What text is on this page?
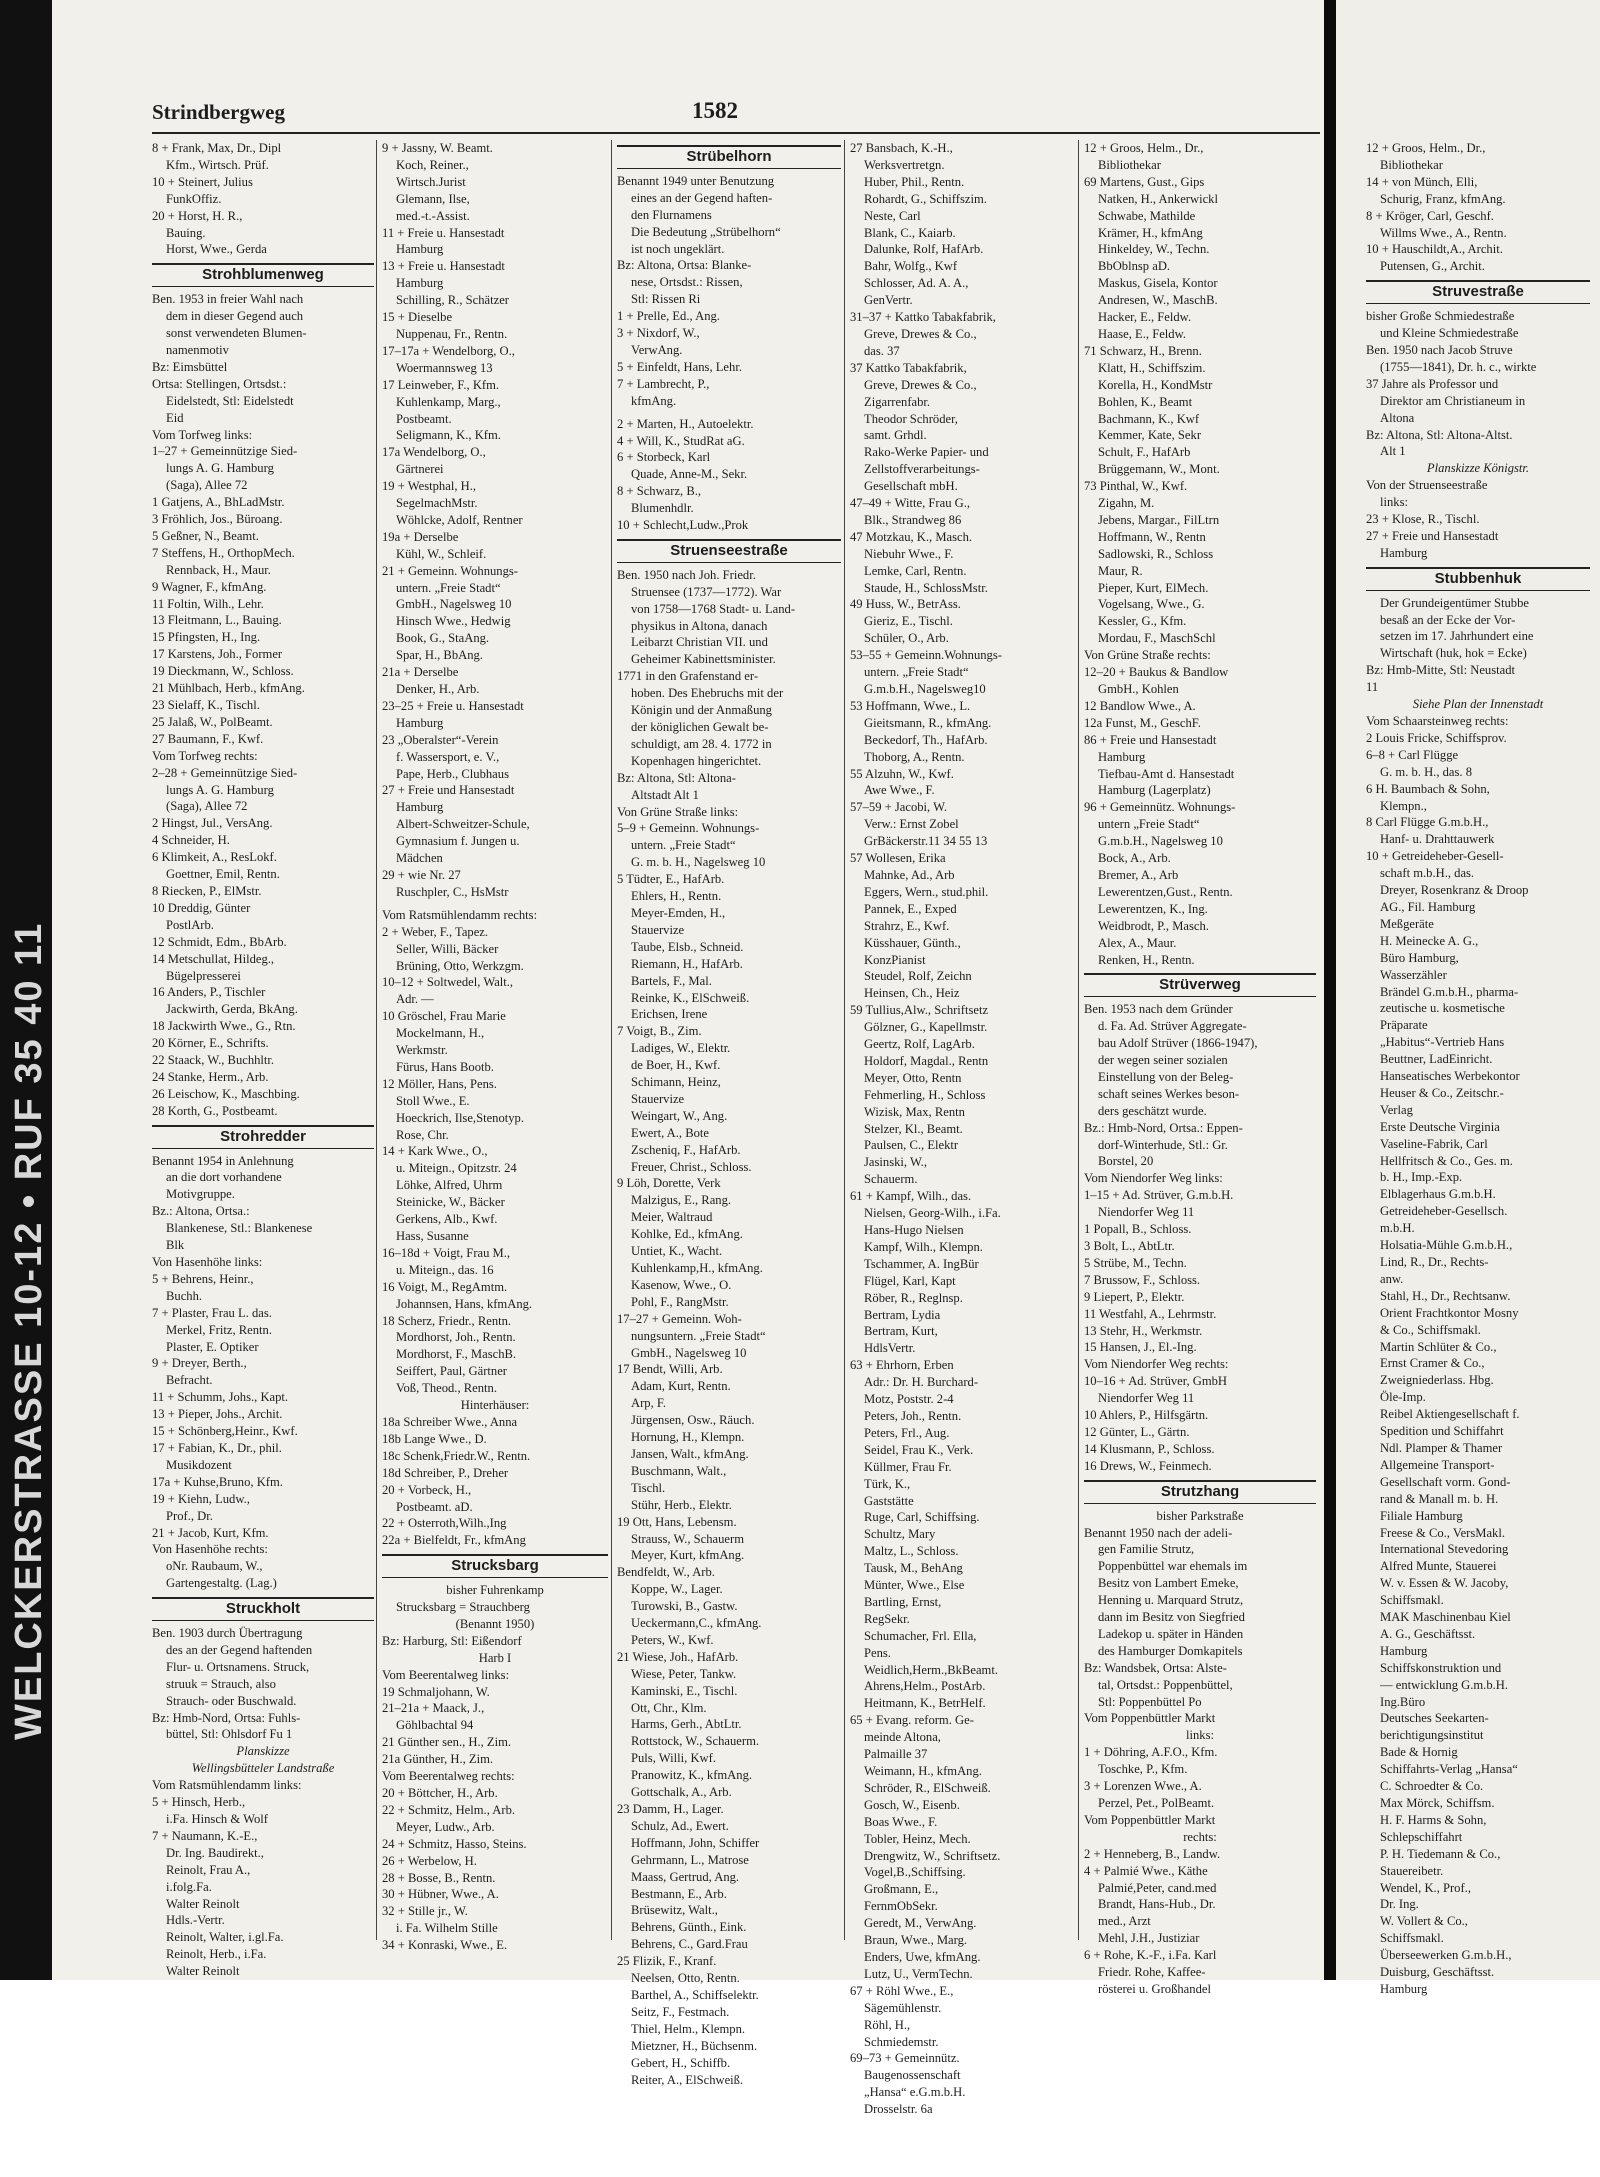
WELCKERSTRASSE 10-12 • RUF 35 40 11
Strindbergweg	1582
8 + Frank, Max, Dr., Dipl
Kfm., Wirtsch. Prüf.
10 + Steinert, Julius
FunkOffiz.
20 + Horst, H. R.,
Bauing.
Horst, Wwe., Gerda
Strohblumenweg
Ben. 1953 in freier Wahl nach
dem in dieser Gegend auch
sonst verwendeten Blumen-
namenmotiv
Bz: Eimsbüttel
Ortsa: Stellingen, Ortsdst.:
Eidelstedt, Stl: Eidelstedt
Eid
Vom Torfweg links:
1–27 + Gemeinnützige Sied-
lungs A. G. Hamburg
(Saga), Allee 72
1 Gatjens, A., BhLadMstr.
3 Fröhlich, Jos., Büroang.
5 Geßner, N., Beamt.
7 Steffens, H., OrthopMech.
Rennback, H., Maur.
9 Wagner, F., kfmAng.
11 Foltin, Wilh., Lehr.
13 Fleitmann, L., Bauing.
15 Pfingsten, H., Ing.
17 Karstens, Joh., Former
19 Dieckmann, W., Schloss.
21 Mühlbach, Herb., kfmAng.
23 Sielaff, K., Tischl.
25 Jalaß, W., PolBeamt.
27 Baumann, F., Kwf.
Vom Torfweg rechts:
2–28 + Gemeinnützige Sied-
lungs A. G. Hamburg
(Saga), Allee 72
2 Hingst, Jul., VersAng.
4 Schneider, H.
6 Klimkeit, A., ResLokf.
Goettner, Emil, Rentn.
8 Riecken, P., ElMstr.
10 Dreddig, Günter
PostlArb.
12 Schmidt, Edm., BbArb.
14 Metschullat, Hildeg.,
Bügelpresserei
16 Anders, P., Tischler
Jackwirth, Gerda, BkAng.
18 Jackwirth Wwe., G., Rtn.
20 Körner, E., Schrifts.
22 Staack, W., Buchhltr.
24 Stanke, Herm., Arb.
26 Leischow, K., Maschbing.
28 Korth, G., Postbeamt.
Strohredder
Benannt 1954 in Anlehnung
an die dort vorhandene
Motivgruppe.
Bz.: Altona, Ortsa.:
Blankenese, Stl.: Blankenese
Blk
Von Hasenhöhe links:
5 + Behrens, Heinr.,
Buchh.
7 + Plaster, Frau L. das.
Merkel, Fritz, Rentn.
Plaster, E. Optiker
9 + Dreyer, Berth.,
Befracht.
11 + Schumm, Johs., Kapt.
13 + Pieper, Johs., Archit.
15 + Schönberg,Heinr., Kwf.
17 + Fabian, K., Dr., phil.
Musikdozent
17a + Kuhse,Bruno, Kfm.
19 + Kiehn, Ludw.,
Prof., Dr.
21 + Jacob, Kurt, Kfm.
Von Hasenhöhe rechts:
oNr. Raubaum, W.,
Gartengestaltg. (Lag.)
Struckholt
Ben. 1903 durch Übertragung
des an der Gegend haftenden
Flur- u. Ortsnamens. Struck,
struuk = Strauch, also
Strauch- oder Buschwald.
Bz: Hmb-Nord, Ortsa: Fuhls-
büttel, Stl: Ohlsdorf Fu 1
Planskizze
Wellingsbütteler Landstraße
Vom Ratsmühlendamm links:
5 + Hinsch, Herb.,
i.Fa. Hinsch & Wolf
7 + Naumann, K.-E.,
Dr. Ing. Baudirekt.,
Reinolt, Frau A.,
i.folg.Fa.
Walter Reinolt
Hdls.-Vertr.
Reinolt, Walter, i.gl.Fa.
Reinolt, Herb., i.Fa.
Walter Reinolt
9 + Jassny, W. Beamt.
Koch, Reiner.,
Wirtsch.Jurist
Glemann, Ilse,
med.-t.-Assist.
11 + Freie u. Hansestadt
Hamburg
13 + Freie u. Hansestadt
Hamburg
Schilling, R., Schätzer
15 + Dieselbe
Nuppenau, Fr., Rentn.
17–17a + Wendelborg, O.,
Woermannsweg 13
17 Leinweber, F., Kfm.
Kuhlenkamp, Marg.,
Postbeamt.
Seligmann, K., Kfm.
17a Wendelborg, O.,
Gärtnerei
19 + Westphal, H.,
SegelmachMstr.
Wöhlcke, Adolf, Rentner
19a + Derselbe
Kühl, W., Schleif.
21 + Gemeinn. Wohnungs-
untern. „Freie Stadt“
GmbH., Nagelsweg 10
Hinsch Wwe., Hedwig
Book, G., StaAng.
Spar, H., BbAng.
21a + Derselbe
Denker, H., Arb.
23–25 + Freie u. Hansestadt
Hamburg
23 „Oberalster“-Verein
f. Wassersport, e. V.,
Pape, Herb., Clubhaus
27 + Freie und Hansestadt
Hamburg
Albert-Schweitzer-Schule,
Gymnasium f. Jungen u.
Mädchen
29 + wie Nr. 27
Ruschpler, C., HsMstr
Vom Ratsmühlendamm rechts:
2 + Weber, F., Tapez.
Seller, Willi, Bäcker
Brüning, Otto, Werkzgm.
10–12 + Soltwedel, Walt.,
Adr. —
10 Gröschel, Frau Marie
Mockelmann, H.,
Werkmstr.
Fürus, Hans Bootb.
12 Möller, Hans, Pens.
Stoll Wwe., E.
Hoeckrich, Ilse,Stenotyp.
Rose, Chr.
14 + Kark Wwe., O.,
u. Miteign., Opitzstr. 24
Löhke, Alfred, Uhrm
Steinicke, W., Bäcker
Gerkens, Alb., Kwf.
Hass, Susanne
16–18d + Voigt, Frau M.,
u. Miteign., das. 16
16 Voigt, M., RegAmtm.
Johannsen, Hans, kfmAng.
18 Scherz, Friedr., Rentn.
Mordhorst, Joh., Rentn.
Mordhorst, F., MaschB.
Seiffert, Paul, Gärtner
Voß, Theod., Rentn.
Hinterhäuser:
18a Schreiber Wwe., Anna
18b Lange Wwe., D.
18c Schenk,Friedr.W., Rentn.
18d Schreiber, P., Dreher
20 + Vorbeck, H.,
Postbeamt. aD.
22 + Osterroth,Wilh.,Ing
22a + Bielfeldt, Fr., kfmAng
Strucksbarg
bisher Fuhrenkamp
Strucksbarg = Strauchberg
(Benannt 1950)
Bz: Harburg, Stl: Eißendorf
Harb I
Vom Beerentalweg links:
19 Schmaljohann, W.
21–21a + Maack, J.,
Göhlbachtal 94
21 Günther sen., H., Zim.
21a Günther, H., Zim.
Vom Beerentalweg rechts:
20 + Böttcher, H., Arb.
22 + Schmitz, Helm., Arb.
Meyer, Ludw., Arb.
24 + Schmitz, Hasso, Steins.
26 + Werbelow, H.
28 + Bosse, B., Rentn.
30 + Hübner, Wwe., A.
32 + Stille jr., W.
i. Fa. Wilhelm Stille
34 + Konraski, Wwe., E.
Strübelhorn
Benannt 1949 unter Benutzung
eines an der Gegend haften-
den Flurnamens
Die Bedeutung „Strübelhorn“
ist noch ungeklärt.
Bz: Altona, Ortsa: Blanke-
nese, Ortsdst.: Rissen,
Stl: Rissen Ri
1 + Prelle, Ed., Ang.
3 + Nixdorf, W.,
VerwAng.
5 + Einfeldt, Hans, Lehr.
7 + Lambrecht, P.,
kfmAng.
2 + Marten, H., Autoelektr.
4 + Will, K., StudRat aG.
6 + Storbeck, Karl
Quade, Anne-M., Sekr.
8 + Schwarz, B.,
Blumenhdlr.
10 + Schlecht,Ludw.,Prok
Struenseestraße
Ben. 1950 nach Joh. Friedr.
Struensee (1737—1772). War
von 1758—1768 Stadt- u. Land-
physikus in Altona, danach
Leibarzt Christian VII. und
Geheimer Kabinettsminister.
1771 in den Grafenstand er-
hoben. Des Ehebruchs mit der
Königin und der Anmaßung
der königlichen Gewalt be-
schuldigt, am 28. 4. 1772 in
Kopenhagen hingerichtet.
Bz: Altona, Stl: Altona-
Altstadt Alt 1
Von Grüne Straße links:
5–9 + Gemeinn. Wohnungs-
untern. „Freie Stadt“
G. m. b. H., Nagelsweg 10
5 Tüdter, E., HafArb.
Ehlers, H., Rentn.
Meyer-Emden, H.,
Stauervize
Taube, Elsb., Schneid.
Riemann, H., HafArb.
Bartels, F., Mal.
Reinke, K., ElSchweiß.
Erichsen, Irene
7 Voigt, B., Zim.
Ladiges, W., Elektr.
de Boer, H., Kwf.
Schimann, Heinz,
Stauervize
Weingart, W., Ang.
Ewert, A., Bote
Zscheniq, F., HafArb.
Freuer, Christ., Schloss.
9 Löh, Dorette, Verk
Malzigus, E., Rang.
Meier, Waltraud
Kohlke, Ed., kfmAng.
Untiet, K., Wacht.
Kuhlenkamp,H., kfmAng.
Kasenow, Wwe., O.
Pohl, F., RangMstr.
17–27 + Gemeinn. Woh-
nungsuntern. „Freie Stadt“
GmbH., Nagelsweg 10
17 Bendt, Willi, Arb.
Adam, Kurt, Rentn.
Arp, F.
Jürgensen, Osw., Räuch.
Hornung, H., Klempn.
Jansen, Walt., kfmAng.
Buschmann, Walt.,
Tischl.
Stühr, Herb., Elektr.
19 Ott, Hans, Lebensm.
Strauss, W., Schauerm
Meyer, Kurt, kfmAng.
Bendfeldt, W., Arb.
Koppe, W., Lager.
Turowski, B., Gastw.
Ueckermann,C., kfmAng.
Peters, W., Kwf.
21 Wiese, Joh., HafArb.
Wiese, Peter, Tankw.
Kaminski, E., Tischl.
Ott, Chr., Klm.
Harms, Gerh., AbtLtr.
Rottstock, W., Schauerm.
Puls, Willi, Kwf.
Pranowitz, K., kfmAng.
Gottschalk, A., Arb.
23 Damm, H., Lager.
Schulz, Ad., Ewert.
Hoffmann, John, Schiffer
Gehrmann, L., Matrose
Maass, Gertrud, Ang.
Bestmann, E., Arb.
Brüsewitz, Walt.,
Behrens, Günth., Eink.
Behrens, C., Gard.Frau
25 Flizik, F., Kranf.
Neelsen, Otto, Rentn.
Barthel, A., Schiffselektr.
Seitz, F., Festmach.
Thiel, Helm., Klempn.
Mietzner, H., Büchsenm.
Gebert, H., Schiffb.
Reiter, A., ElSchweiß.
27 Bansbach, K.-H.,
Werksvertretgn.
Huber, Phil., Rentn.
Rohardt, G., Schiffszim.
Neste, Carl
Blank, C., Kaiarb.
Dalunke, Rolf, HafArb.
Bahr, Wolfg., Kwf
Schlosser, Ad. A. A.,
GenVertr.
31–37 + Kattko Tabakfabrik,
Greve, Drewes & Co.,
das. 37
37 Kattko Tabakfabrik,
Greve, Drewes & Co.,
Zigarrenfabr.
Theodor Schröder,
samt. Grhdl.
Rako-Werke Papier- und
Zellstoffverarbeitungs-
Gesellschaft mbH.
47–49 + Witte, Frau G.,
Blk., Strandweg 86
47 Motzkau, K., Masch.
Niebuhr Wwe., F.
Lemke, Carl, Rentn.
Staude, H., SchlossMstr.
49 Huss, W., BetrAss.
Gieriz, E., Tischl.
Schüler, O., Arb.
53–55 + Gemeinn.Wohnungs-
untern. „Freie Stadt“
G.m.b.H., Nagelsweg10
53 Hoffmann, Wwe., L.
Gieitsmann, R., kfmAng.
Beckedorf, Th., HafArb.
Thoborg, A., Rentn.
55 Alzuhn, W., Kwf.
Awe Wwe., F.
57–59 + Jacobi, W.
Verw.: Ernst Zobel
GrBäckerstr.11 34 55 13
57 Wollesen, Erika
Mahnke, Ad., Arb
Eggers, Wern., stud.phil.
Pannek, E., Exped
Strahrz, E., Kwf.
Küsshauer, Günth.,
KonzPianist
Steudel, Rolf, Zeichn
Heinsen, Ch., Heiz
59 Tullius,Alw., Schriftsetz
Gölzner, G., Kapellmstr.
Geertz, Rolf, LagArb.
Holdorf, Magdal., Rentn
Meyer, Otto, Rentn
Fehmerling, H., Schloss
Wizisk, Max, Rentn
Stelzer, Kl., Beamt.
Paulsen, C., Elektr
Jasinski, W.,
Schauerm.
61 + Kampf, Wilh., das.
Nielsen, Georg-Wilh., i.Fa.
Hans-Hugo Nielsen
Kampf, Wilh., Klempn.
Tschammer, A. IngBür
Flügel, Karl, Kapt
Röber, R., Reglnsp.
Bertram, Lydia
Bertram, Kurt,
HdlsVertr.
63 + Ehrhorn, Erben
Adr.: Dr. H. Burchard-
Motz, Poststr. 2-4
Peters, Joh., Rentn.
Peters, Frl., Aug.
Seidel, Frau K., Verk.
Küllmer, Frau Fr.
Türk, K.,
Gaststätte
Ruge, Carl, Schiffsing.
Schultz, Mary
Maltz, L., Schloss.
Tausk, M., BehAng
Münter, Wwe., Else
Bartling, Ernst,
RegSekr.
Schumacher, Frl. Ella,
Pens.
Weidlich,Herm.,BkBeamt.
Ahrens,Helm., PostArb.
Heitmann, K., BetrHelf.
65 + Evang. reform. Ge-
meinde Altona,
Palmaille 37
Weimann, H., kfmAng.
Schröder, R., ElSchweiß.
Gosch, W., Eisenb.
Boas Wwe., F.
Tobler, Heinz, Mech.
Drengwitz, W., Schriftsetz.
Vogel,B.,Schiffsing.
Großmann, E.,
FernmObSekr.
Geredt, M., VerwAng.
Braun, Wwe., Marg.
Enders, Uwe, kfmAng.
Lutz, U., VermTechn.
67 + Röhl Wwe., E.,
Sägemühlenstr.
Röhl, H.,
Schmiedemstr.
69–73 + Gemeinnütz.
Baugenossenschaft
„Hansa“ e.G.m.b.H.
Drosselstr. 6a
12 + Groos, Helm., Dr.,
Bibliothekar
69 Martens, Gust., Gips
Natken, H., Ankerwickl
Schwabe, Mathilde
Krämer, H., kfmAng
Hinkeldey, W., Techn.
BbOblnsp aD.
Maskus, Gisela, Kontor
Andresen, W., MaschB.
Hacker, E., Feldw.
Haase, E., Feldw.
71 Schwarz, H., Brenn.
Klatt, H., Schiffszim.
Korella, H., KondMstr
Bohlen, K., Beamt
Bachmann, K., Kwf
Kemmer, Kate, Sekr
Schult, F., HafArb
Brüggemann, W., Mont.
73 Pinthal, W., Kwf.
Zigahn, M.
Jebens, Margar., FilLtrn
Hoffmann, W., Rentn
Sadlowski, R., Schloss
Maur, R.
Pieper, Kurt, ElMech.
Vogelsang, Wwe., G.
Kessler, G., Kfm.
Mordau, F., MaschSchl
Von Grüne Straße rechts:
12–20 + Baukus & Bandlow
GmbH., Kohlen
12 Bandlow Wwe., A.
12a Funst, M., GeschF.
86 + Freie und Hansestadt
Hamburg
Tiefbau-Amt d. Hansestadt
Hamburg (Lagerplatz)
96 + Gemeinnütz. Wohnungs-
untern „Freie Stadt“
G.m.b.H., Nagelsweg 10
Bock, A., Arb.
Bremer, A., Arb
Lewerentzen,Gust., Rentn.
Lewerentzen, K., Ing.
Weidbrodt, P., Masch.
Alex, A., Maur.
Renken, H., Rentn.
Strüverweg
Ben. 1953 nach dem Gründer
d. Fa. Ad. Strüver Aggregate-
bau Adolf Strüver (1866-1947),
der wegen seiner sozialen
Einstellung von der Beleg-
schaft seines Werkes beson-
ders geschätzt wurde.
Bz.: Hmb-Nord, Ortsa.: Eppen-
dorf-Winterhude, Stl.: Gr.
Borstel, 20
Vom Niendorfer Weg links:
1–15 + Ad. Strüver, G.m.b.H.
Niendorfer Weg 11
1 Popall, B., Schloss.
3 Bolt, L., AbtLtr.
5 Strübe, M., Techn.
7 Brussow, F., Schloss.
9 Liepert, P., Elektr.
11 Westfahl, A., Lehrmstr.
13 Stehr, H., Werkmstr.
15 Hansen, J., El.-Ing.
Vom Niendorfer Weg rechts:
10–16 + Ad. Strüver, GmbH
Niendorfer Weg 11
10 Ahlers, P., Hilfsgärtn.
12 Günter, L., Gärtn.
14 Klusmann, P., Schloss.
16 Drews, W., Feinmech.
Strutzhang
bisher Parkstraße
Benannt 1950 nach der adeli-
gen Familie Strutz,
Poppenbüttel war ehemals im
Besitz von Lambert Emeke,
Henning u. Marquard Strutz,
dann im Besitz von Siegfried
Ladekop u. später in Händen
des Hamburger Domkapitels
Bz: Wandsbek, Ortsa: Alste-
tal, Ortsdst.: Poppenbüttel,
Stl: Poppenbüttel Po
Vom Poppenbüttler Markt
links:
1 + Döhring, A.F.O., Kfm.
Toschke, P., Kfm.
3 + Lorenzen Wwe., A.
Perzel, Pet., PolBeamt.
Vom Poppenbüttler Markt
rechts:
2 + Henneberg, B., Landw.
4 + Palmié Wwe., Käthe
Palmié,Peter, cand.med
Brandt, Hans-Hub., Dr.
med., Arzt
Mehl, J.H., Justiziar
6 + Rohe, K.-F., i.Fa. Karl
Friedr. Rohe, Kaffee-
rösterei u. Großhandel
12 + Groos, Helm., Dr.,
Bibliothekar
14 + von Münch, Elli,
Schurig, Franz, kfmAng.
8 + Kröger, Carl, Geschf.
Willms Wwe., A., Rentn.
10 + Hauschildt,A., Archit.
Putensen, G., Archit.
Struvestraße
bisher Große Schmiedestraße
und Kleine Schmiedestraße
Ben. 1950 nach Jacob Struve
(1755—1841), Dr. h. c., wirkte
37 Jahre als Professor und
Direktor am Christianeum in
Altona
Bz: Altona, Stl: Altona-Altst.
Alt 1
Planskizze Königstr.
Von der Struenseestraße
links:
23 + Klose, R., Tischl.
27 + Freie und Hansestadt
Hamburg
Stubbenhuk
Der Grundeigentümer Stubbe
besaß an der Ecke der Vor-
setzen im 17. Jahrhundert eine
Wirtschaft (huk, hok = Ecke)
Bz: Hmb-Mitte, Stl: Neustadt
11
Siehe Plan der Innenstadt
Vom Schaarsteinweg rechts:
2 Louis Fricke, Schiffsprov.
6–8 + Carl Flügge
G. m. b. H., das. 8
6 H. Baumbach & Sohn,
Klempn.,
8 Carl Flügge G.m.b.H.,
Hanf- u. Drahttauwerk
10 + Getreideheber-Gesell-
schaft m.b.H., das.
Dreyer, Rosenkranz & Droop
AG., Fil. Hamburg
Meßgeräte
H. Meinecke A. G.,
Büro Hamburg,
Wasserzähler
Brändel G.m.b.H., pharma-
zeutische u. kosmetische
Präparate
„Habitus“-Vertrieb Hans
Beuttner, LadEinricht.
Hanseatisches Werbekontor
Heuser & Co., Zeitschr.-
Verlag
Erste Deutsche Virginia
Vaseline-Fabrik, Carl
Hellfritsch & Co., Ges. m.
b. H., Imp.-Exp.
Elblagerhaus G.m.b.H.
Getreideheber-Gesellsch.
m.b.H.
Holsatia-Mühle G.m.b.H.,
Lind, R., Dr., Rechts-
anw.
Stahl, H., Dr., Rechtsanw.
Orient Frachtkontor Mosny
& Co., Schiffsmakl.
Martin Schlüter & Co.,
Ernst Cramer & Co.,
Zweigniederlass. Hbg.
Öle-Imp.
Reibel Aktiengesellschaft f.
Spedition und Schiffahrt
Ndl. Plamper & Thamer
Allgemeine Transport-
Gesellschaft vorm. Gond-
rand & Manall m. b. H.
Filiale Hamburg
Freese & Co., VersMakl.
International Stevedoring
Alfred Munte, Stauerei
W. v. Essen & W. Jacoby,
Schiffsmakl.
MAK Maschinenbau Kiel
A. G., Geschäftsst.
Hamburg
Schiffskonstruktion und
— entwicklung G.m.b.H.
Ing.Büro
Deutsches Seekarten-
berichtigungsinstitut
Bade & Hornig
Schiffahrts-Verlag „Hansa“
C. Schroedter & Co.
Max Mörck, Schiffsm.
H. F. Harms & Sohn,
Schlepschiffahrt
P. H. Tiedemann & Co.,
Stauereibetr.
Wendel, K., Prof.,
Dr. Ing.
W. Vollert & Co.,
Schiffsmakl.
Überseewerken G.m.b.H.,
Duisburg, Geschäftsst.
Hamburg
